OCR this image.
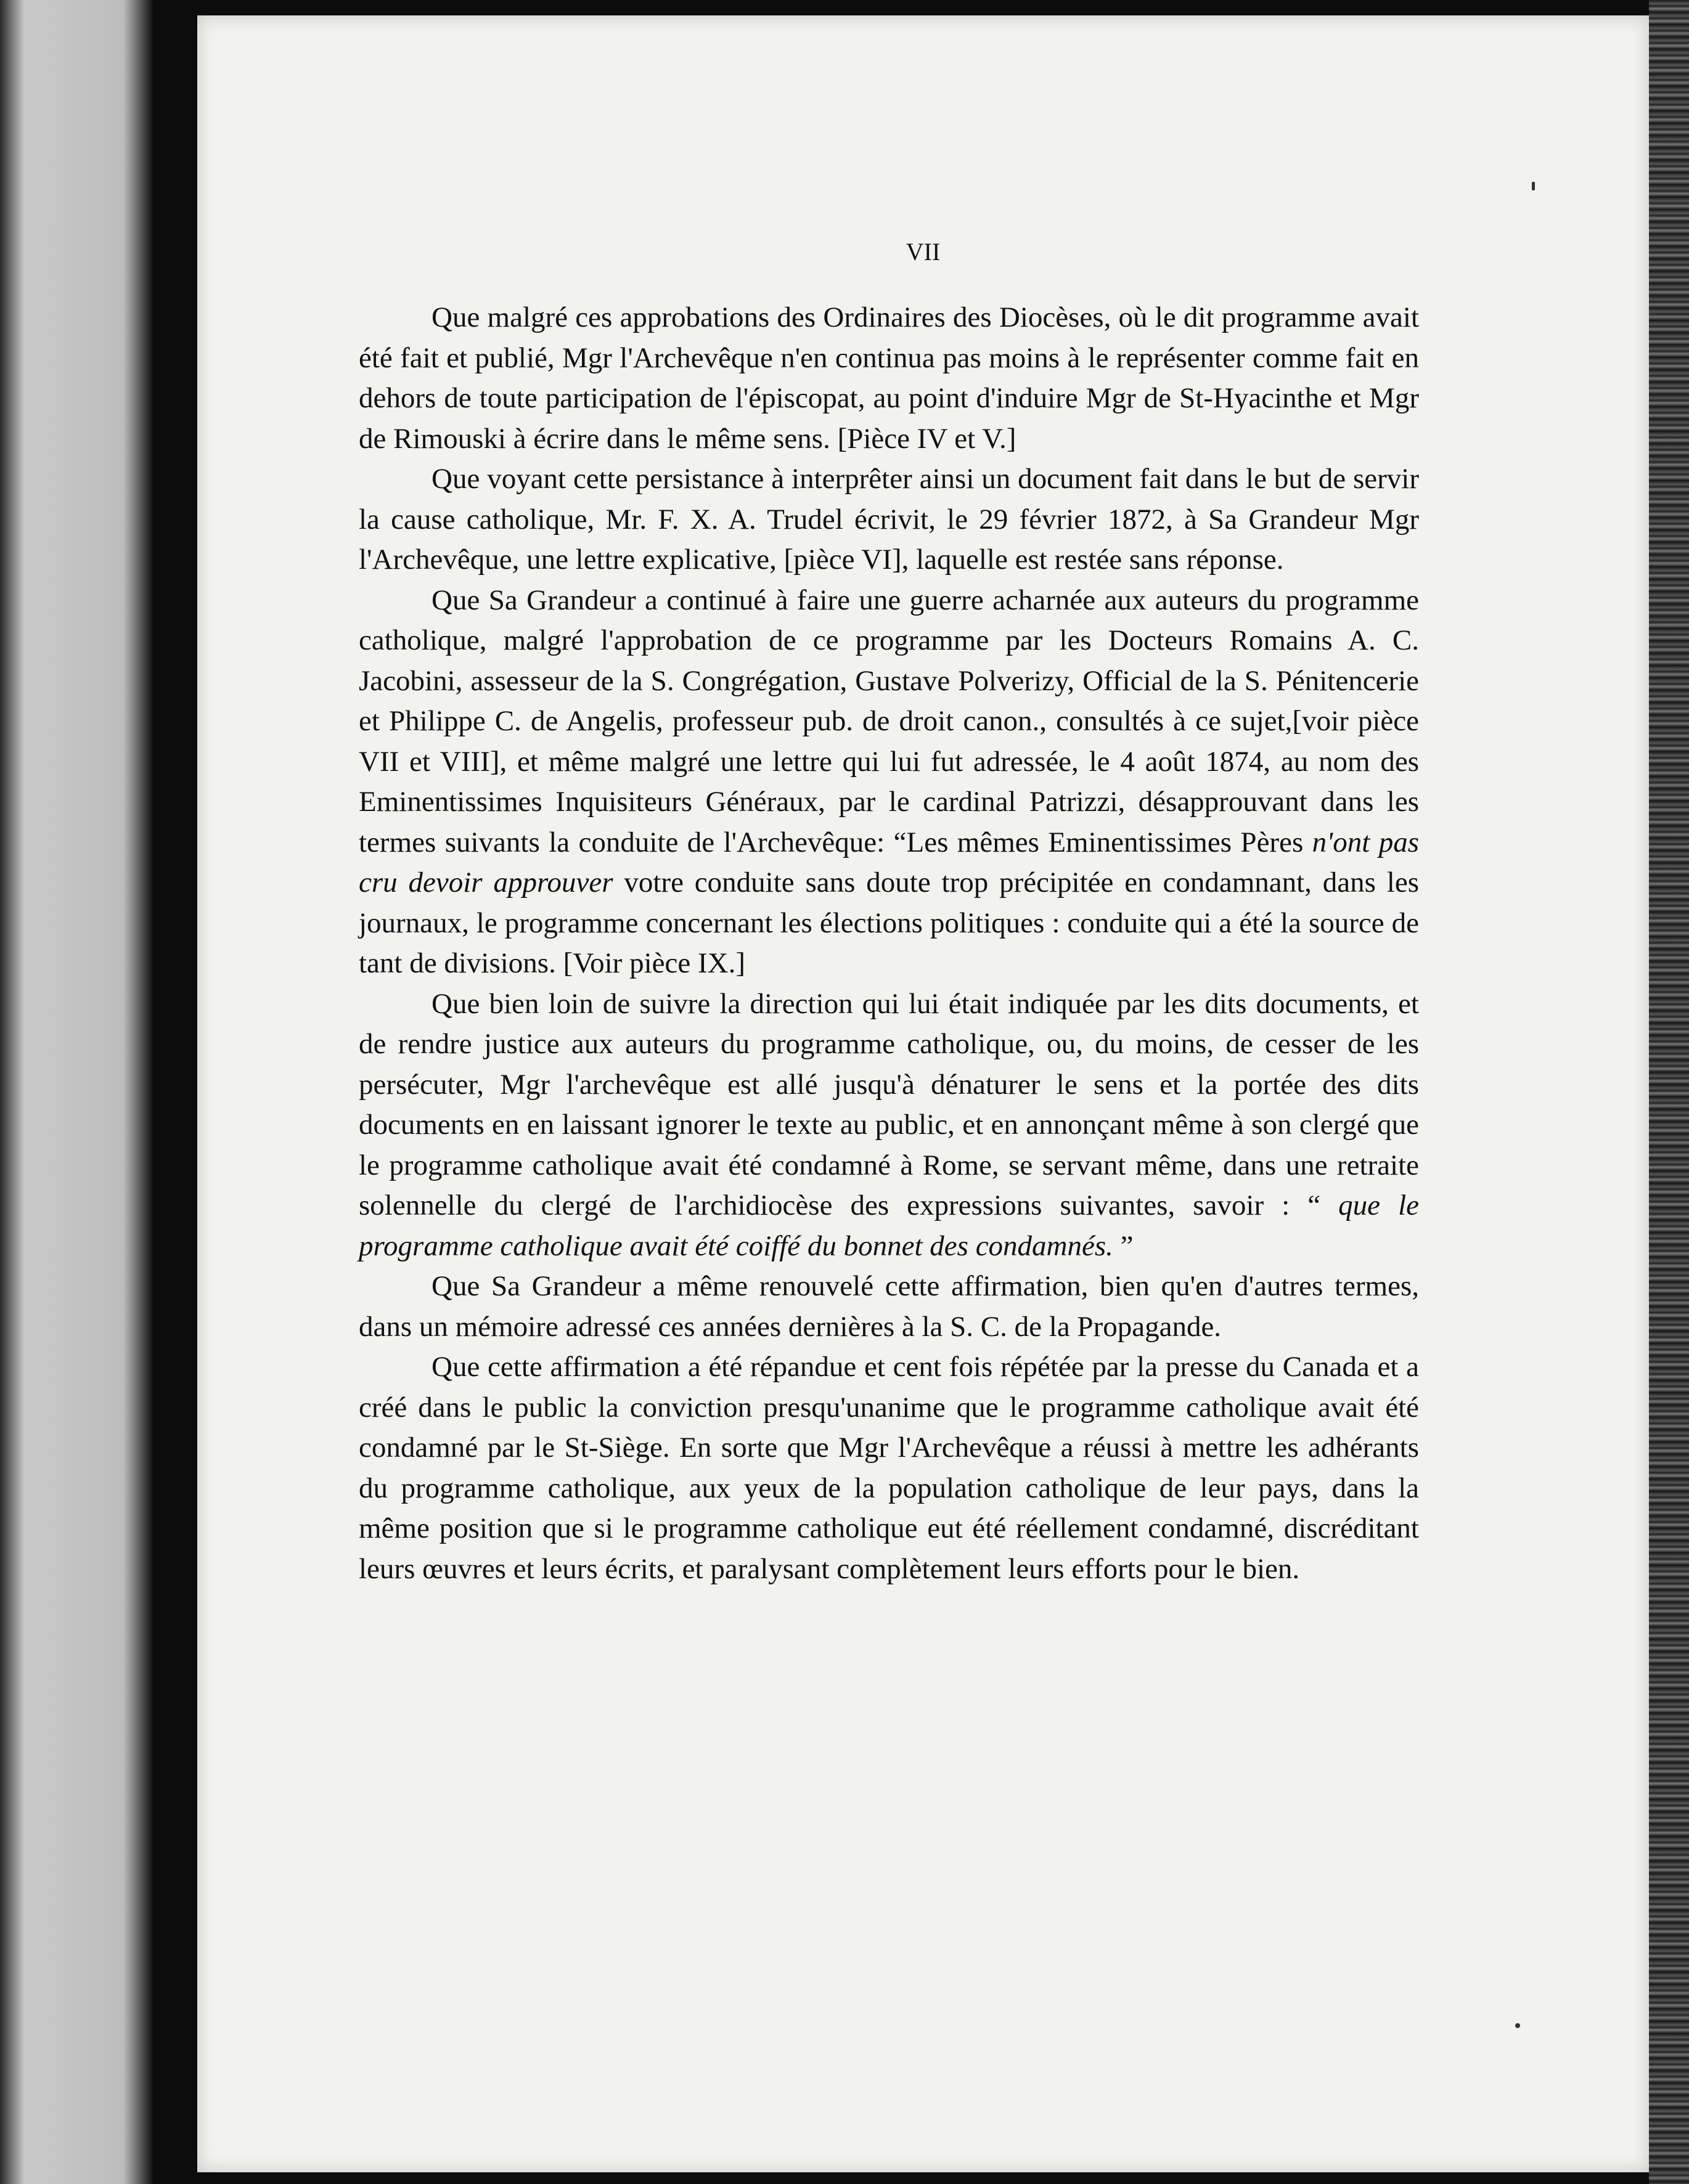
VII

Que malgré ces approbations des Ordinaires des Diocèses, où le dit programme avait été fait et publié, Mgr l'Archevêque n'en continua pas moins à le représenter comme fait en dehors de toute participation de l'épiscopat, au point d'induire Mgr de St-Hyacinthe et Mgr de Rimouski à écrire dans le même sens. [Pièce IV et V.]

Que voyant cette persistance à interprêter ainsi un document fait dans le but de servir la cause catholique, Mr. F. X. A. Trudel écrivit, le 29 février 1872, à Sa Grandeur Mgr l'Archevêque, une lettre explicative, [pièce VI], laquelle est restée sans réponse.

Que Sa Grandeur a continué à faire une guerre acharnée aux auteurs du programme catholique, malgré l'approbation de ce programme par les Docteurs Romains A. C. Jacobini, assesseur de la S. Congrégation, Gustave Polverizy, Official de la S. Pénitencerie et Philippe C. de Angelis, professeur pub. de droit canon., consultés à ce sujet,[voir pièce VII et VIII], et même malgré une lettre qui lui fut adressée, le 4 août 1874, au nom des Eminentissimes Inquisiteurs Généraux, par le cardinal Patrizzi, désapprouvant dans les termes suivants la conduite de l'Archevêque: “Les mêmes Eminentissimes Pères n'ont pas cru devoir approuver votre conduite sans doute trop précipitée en condamnant, dans les journaux, le programme concernant les élections politiques : conduite qui a été la source de tant de divisions. [Voir pièce IX.]

Que bien loin de suivre la direction qui lui était indiquée par les dits documents, et de rendre justice aux auteurs du programme catholique, ou, du moins, de cesser de les persécuter, Mgr l'archevêque est allé jusqu'à dénaturer le sens et la portée des dits documents en en laissant ignorer le texte au public, et en annonçant même à son clergé que le programme catholique avait été condamné à Rome, se servant même, dans une retraite solennelle du clergé de l'archidiocèse des expressions suivantes, savoir : “ que le programme catholique avait été coiffé du bonnet des condamnés. ”

Que Sa Grandeur a même renouvelé cette affirmation, bien qu'en d'autres termes, dans un mémoire adressé ces années dernières à la S. C. de la Propagande.

Que cette affirmation a été répandue et cent fois répétée par la presse du Canada et a créé dans le public la conviction presqu'unanime que le programme catholique avait été condamné par le St-Siège. En sorte que Mgr l'Archevêque a réussi à mettre les adhérants du programme catholique, aux yeux de la population catholique de leur pays, dans la même position que si le programme catholique eut été réellement condamné, discréditant leurs œuvres et leurs écrits, et paralysant complètement leurs efforts pour le bien.
